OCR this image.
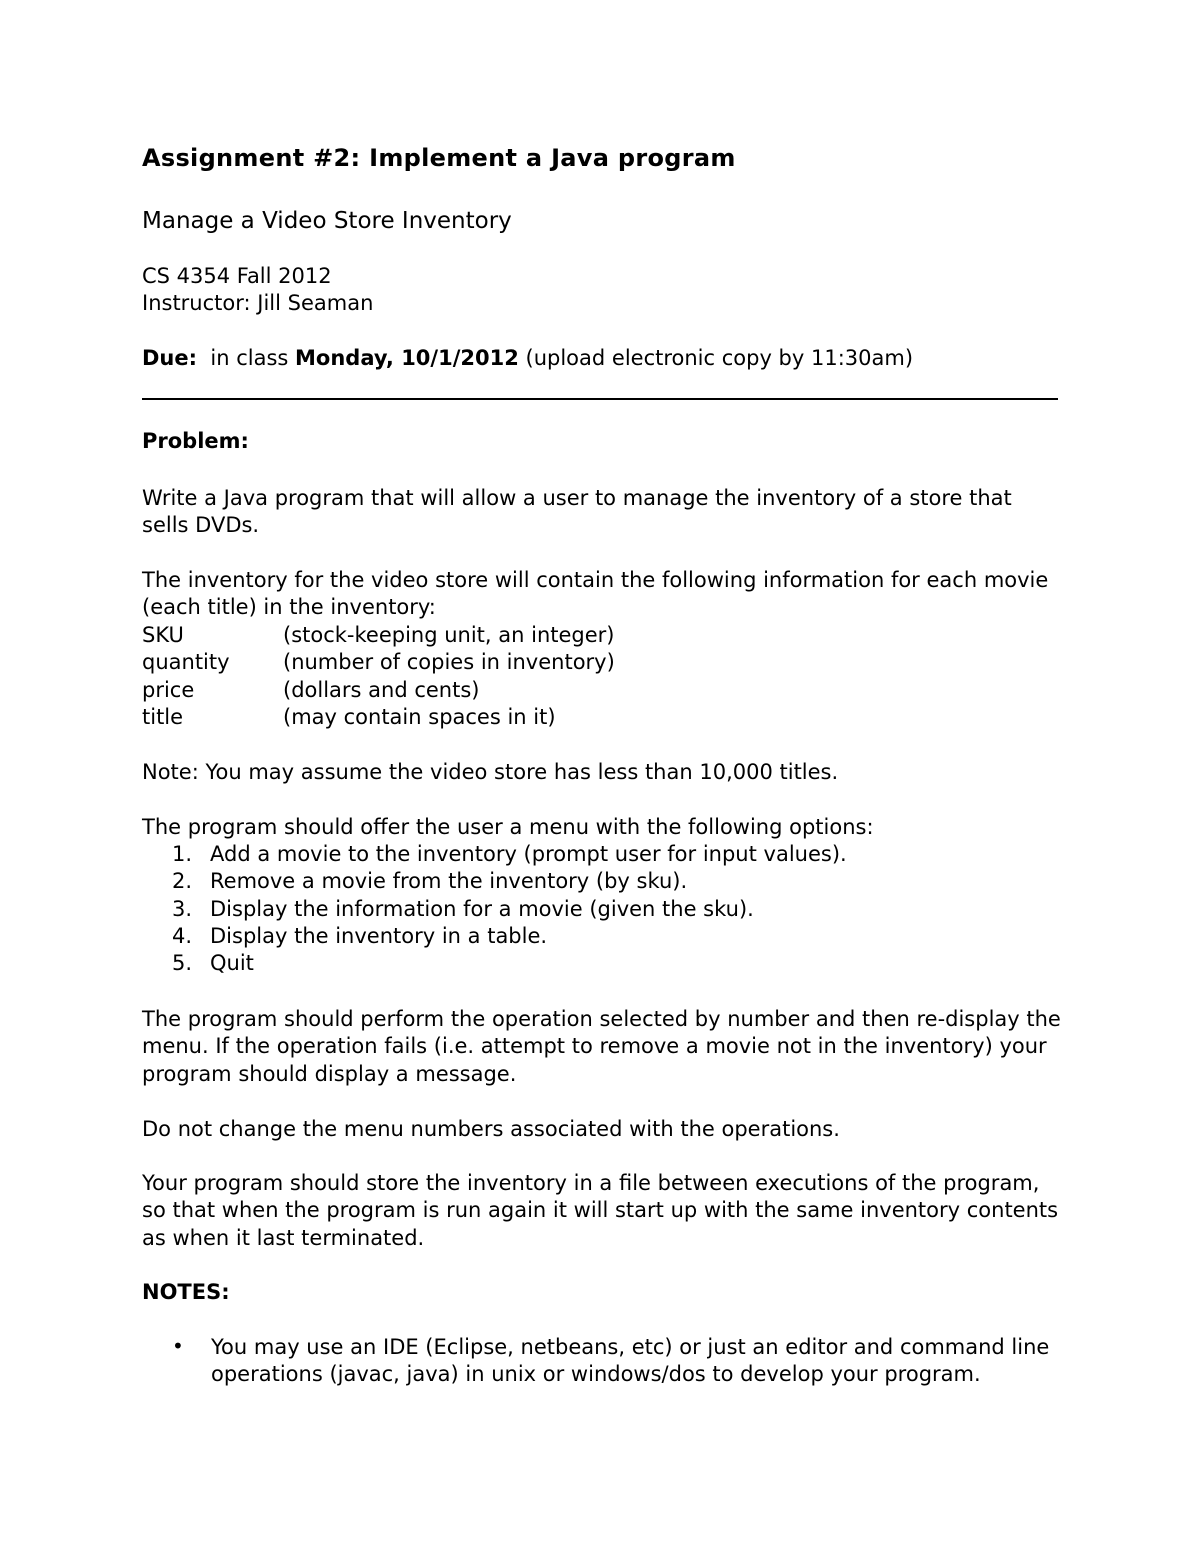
Assignment #2: Implement a Java program

Manage a Video Store Inventory

CS 4354 Fall 2012

Instructor: Jill Seaman

Due:  in class Monday, 10/1/2012 (upload electronic copy by 11:30am)

Problem:

Write a Java program that will allow a user to manage the inventory of a store that sells DVDs.

The inventory for the video store will contain the following information for each movie (each title) in the inventory:

SKU	(stock-keeping unit, an integer)
quantity	(number of copies in inventory)
price	(dollars and cents)
title	(may contain spaces in it)

Note: You may assume the video store has less than 10,000 titles.

The program should offer the user a menu with the following options:

1. Add a movie to the inventory (prompt user for input values).
2. Remove a movie from the inventory (by sku).
3. Display the information for a movie (given the sku).
4. Display the inventory in a table.
5. Quit

The program should perform the operation selected by number and then re-display the menu. If the operation fails (i.e. attempt to remove a movie not in the inventory) your program should display a message.

Do not change the menu numbers associated with the operations.

Your program should store the inventory in a file between executions of the program, so that when the program is run again it will start up with the same inventory contents as when it last terminated.

NOTES:

• You may use an IDE (Eclipse, netbeans, etc) or just an editor and command line operations (javac, java) in unix or windows/dos to develop your program.
